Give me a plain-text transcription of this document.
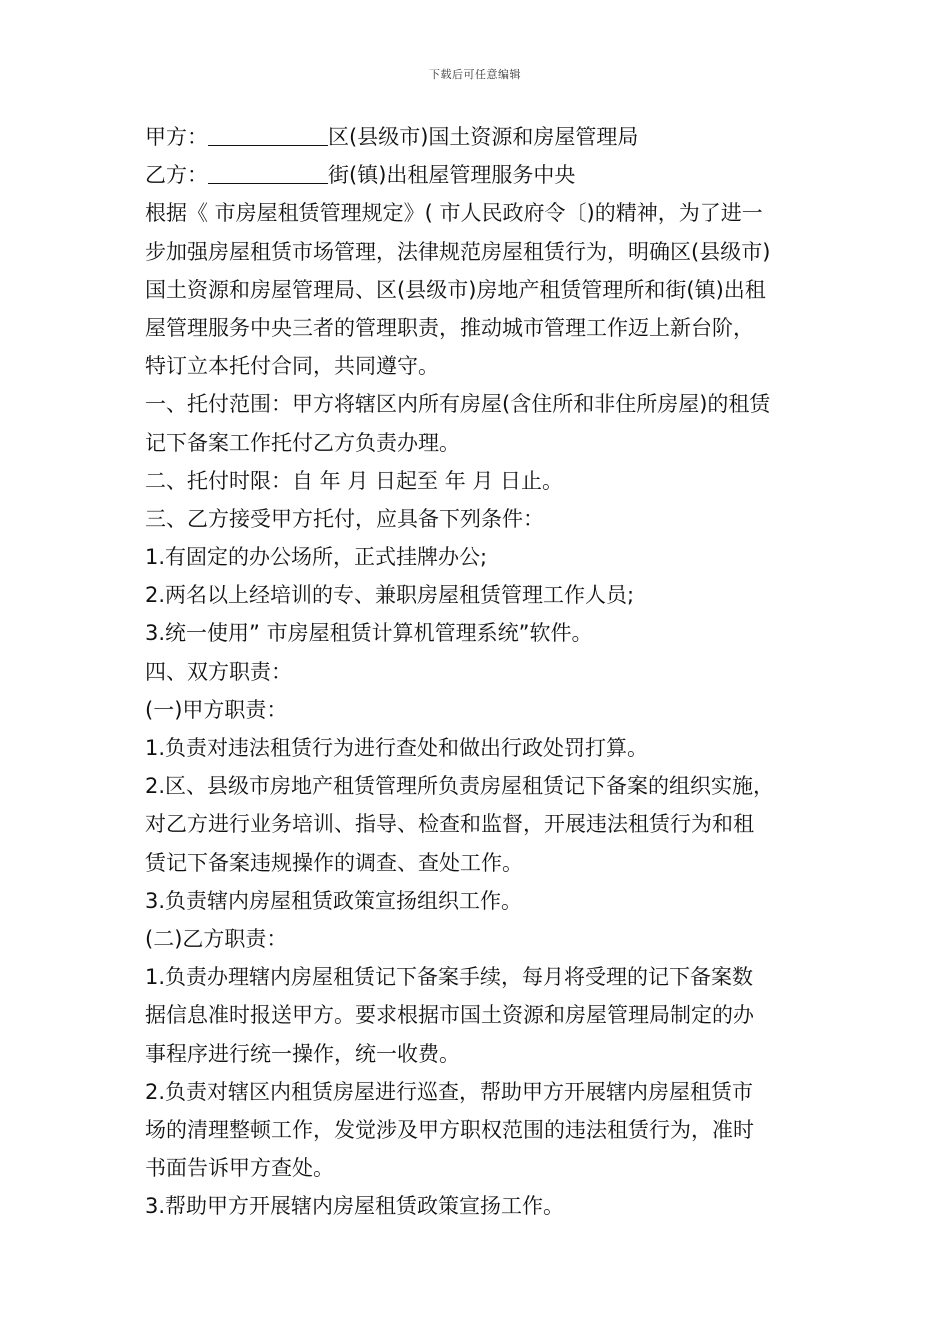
下载后可任意编辑
甲方：	区(县级市)国土资源和房屋管理局
乙方：	街(镇)出租屋管理服务中央
根据《 市房屋租赁管理规定》( 市人民政府令〔)的精神，为了进一
步加强房屋租赁市场管理，法律规范房屋租赁行为，明确区(县级市)
国土资源和房屋管理局、区(县级市)房地产租赁管理所和街(镇)出租
屋管理服务中央三者的管理职责，推动城市管理工作迈上新台阶，
特订立本托付合同，共同遵守。
一、托付范围：甲方将辖区内所有房屋(含住所和非住所房屋)的租赁
记下备案工作托付乙方负责办理。
二、托付时限：自 年 月 日起至 年 月 日止。
三、乙方接受甲方托付，应具备下列条件：
1.有固定的办公场所，正式挂牌办公;
2.两名以上经培训的专、兼职房屋租赁管理工作人员;
3.统一使用” 市房屋租赁计算机管理系统”软件。
四、双方职责：
(一)甲方职责：
1.负责对违法租赁行为进行查处和做出行政处罚打算。
2.区、县级市房地产租赁管理所负责房屋租赁记下备案的组织实施，
对乙方进行业务培训、指导、检查和监督，开展违法租赁行为和租
赁记下备案违规操作的调查、查处工作。
3.负责辖内房屋租赁政策宣扬组织工作。
(二)乙方职责：
1.负责办理辖内房屋租赁记下备案手续，每月将受理的记下备案数
据信息准时报送甲方。要求根据市国土资源和房屋管理局制定的办
事程序进行统一操作，统一收费。
2.负责对辖区内租赁房屋进行巡查，帮助甲方开展辖内房屋租赁市
场的清理整顿工作，发觉涉及甲方职权范围的违法租赁行为，准时
书面告诉甲方查处。
3.帮助甲方开展辖内房屋租赁政策宣扬工作。
